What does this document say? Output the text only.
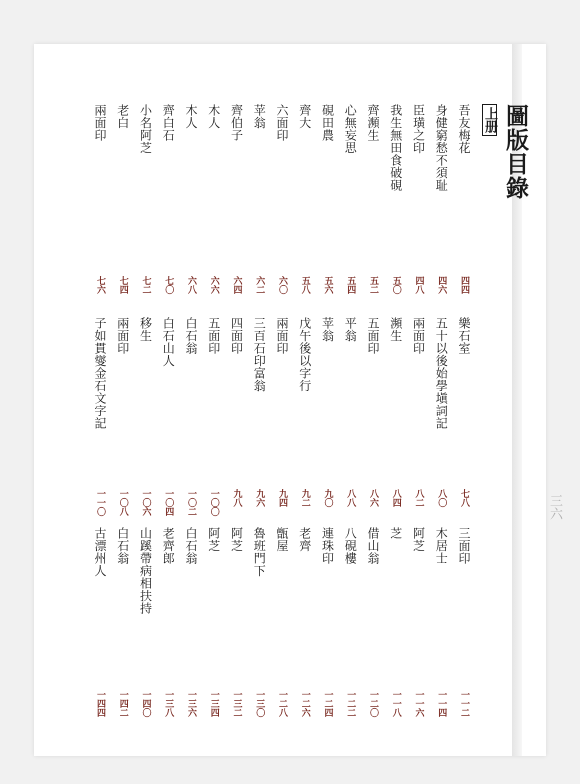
圖版目錄
上册
三六
吾友梅花
四四
樂石室
七八
三面印
一一二
身健窮愁不須耻
四六
五十以後始學塡詞記
八〇
木居士
一一四
臣璜之印
四八
兩面印
八二
阿芝
一一六
我生無田食破硯
五〇
瀕生
八四
芝
一一八
齊瀕生
五二
五面印
八六
借山翁
一二〇
心無妄思
五四
平翁
八八
八硯樓
一二二
硯田農
五六
苹翁
九〇
連珠印
一二四
齊大
五八
戊午後以字行
九二
老齊
一二六
六面印
六〇
兩面印
九四
甑屋
一二八
苹翁
六二
三百石印富翁
九六
魯班門下
一三〇
齊伯子
六四
四面印
九八
阿芝
一三二
木人
六六
五面印
一〇〇
阿芝
一三四
木人
六八
白石翁
一〇二
白石翁
一三六
齊白石
七〇
白石山人
一〇四
老齊郎
一三八
小名阿芝
七二
移生
一〇六
山蹊帶病相扶持
一四〇
老白
七四
兩面印
一〇八
白石翁
一四二
兩面印
七六
子如貫燮金石文字記
一一〇
古漂州人
一四四
